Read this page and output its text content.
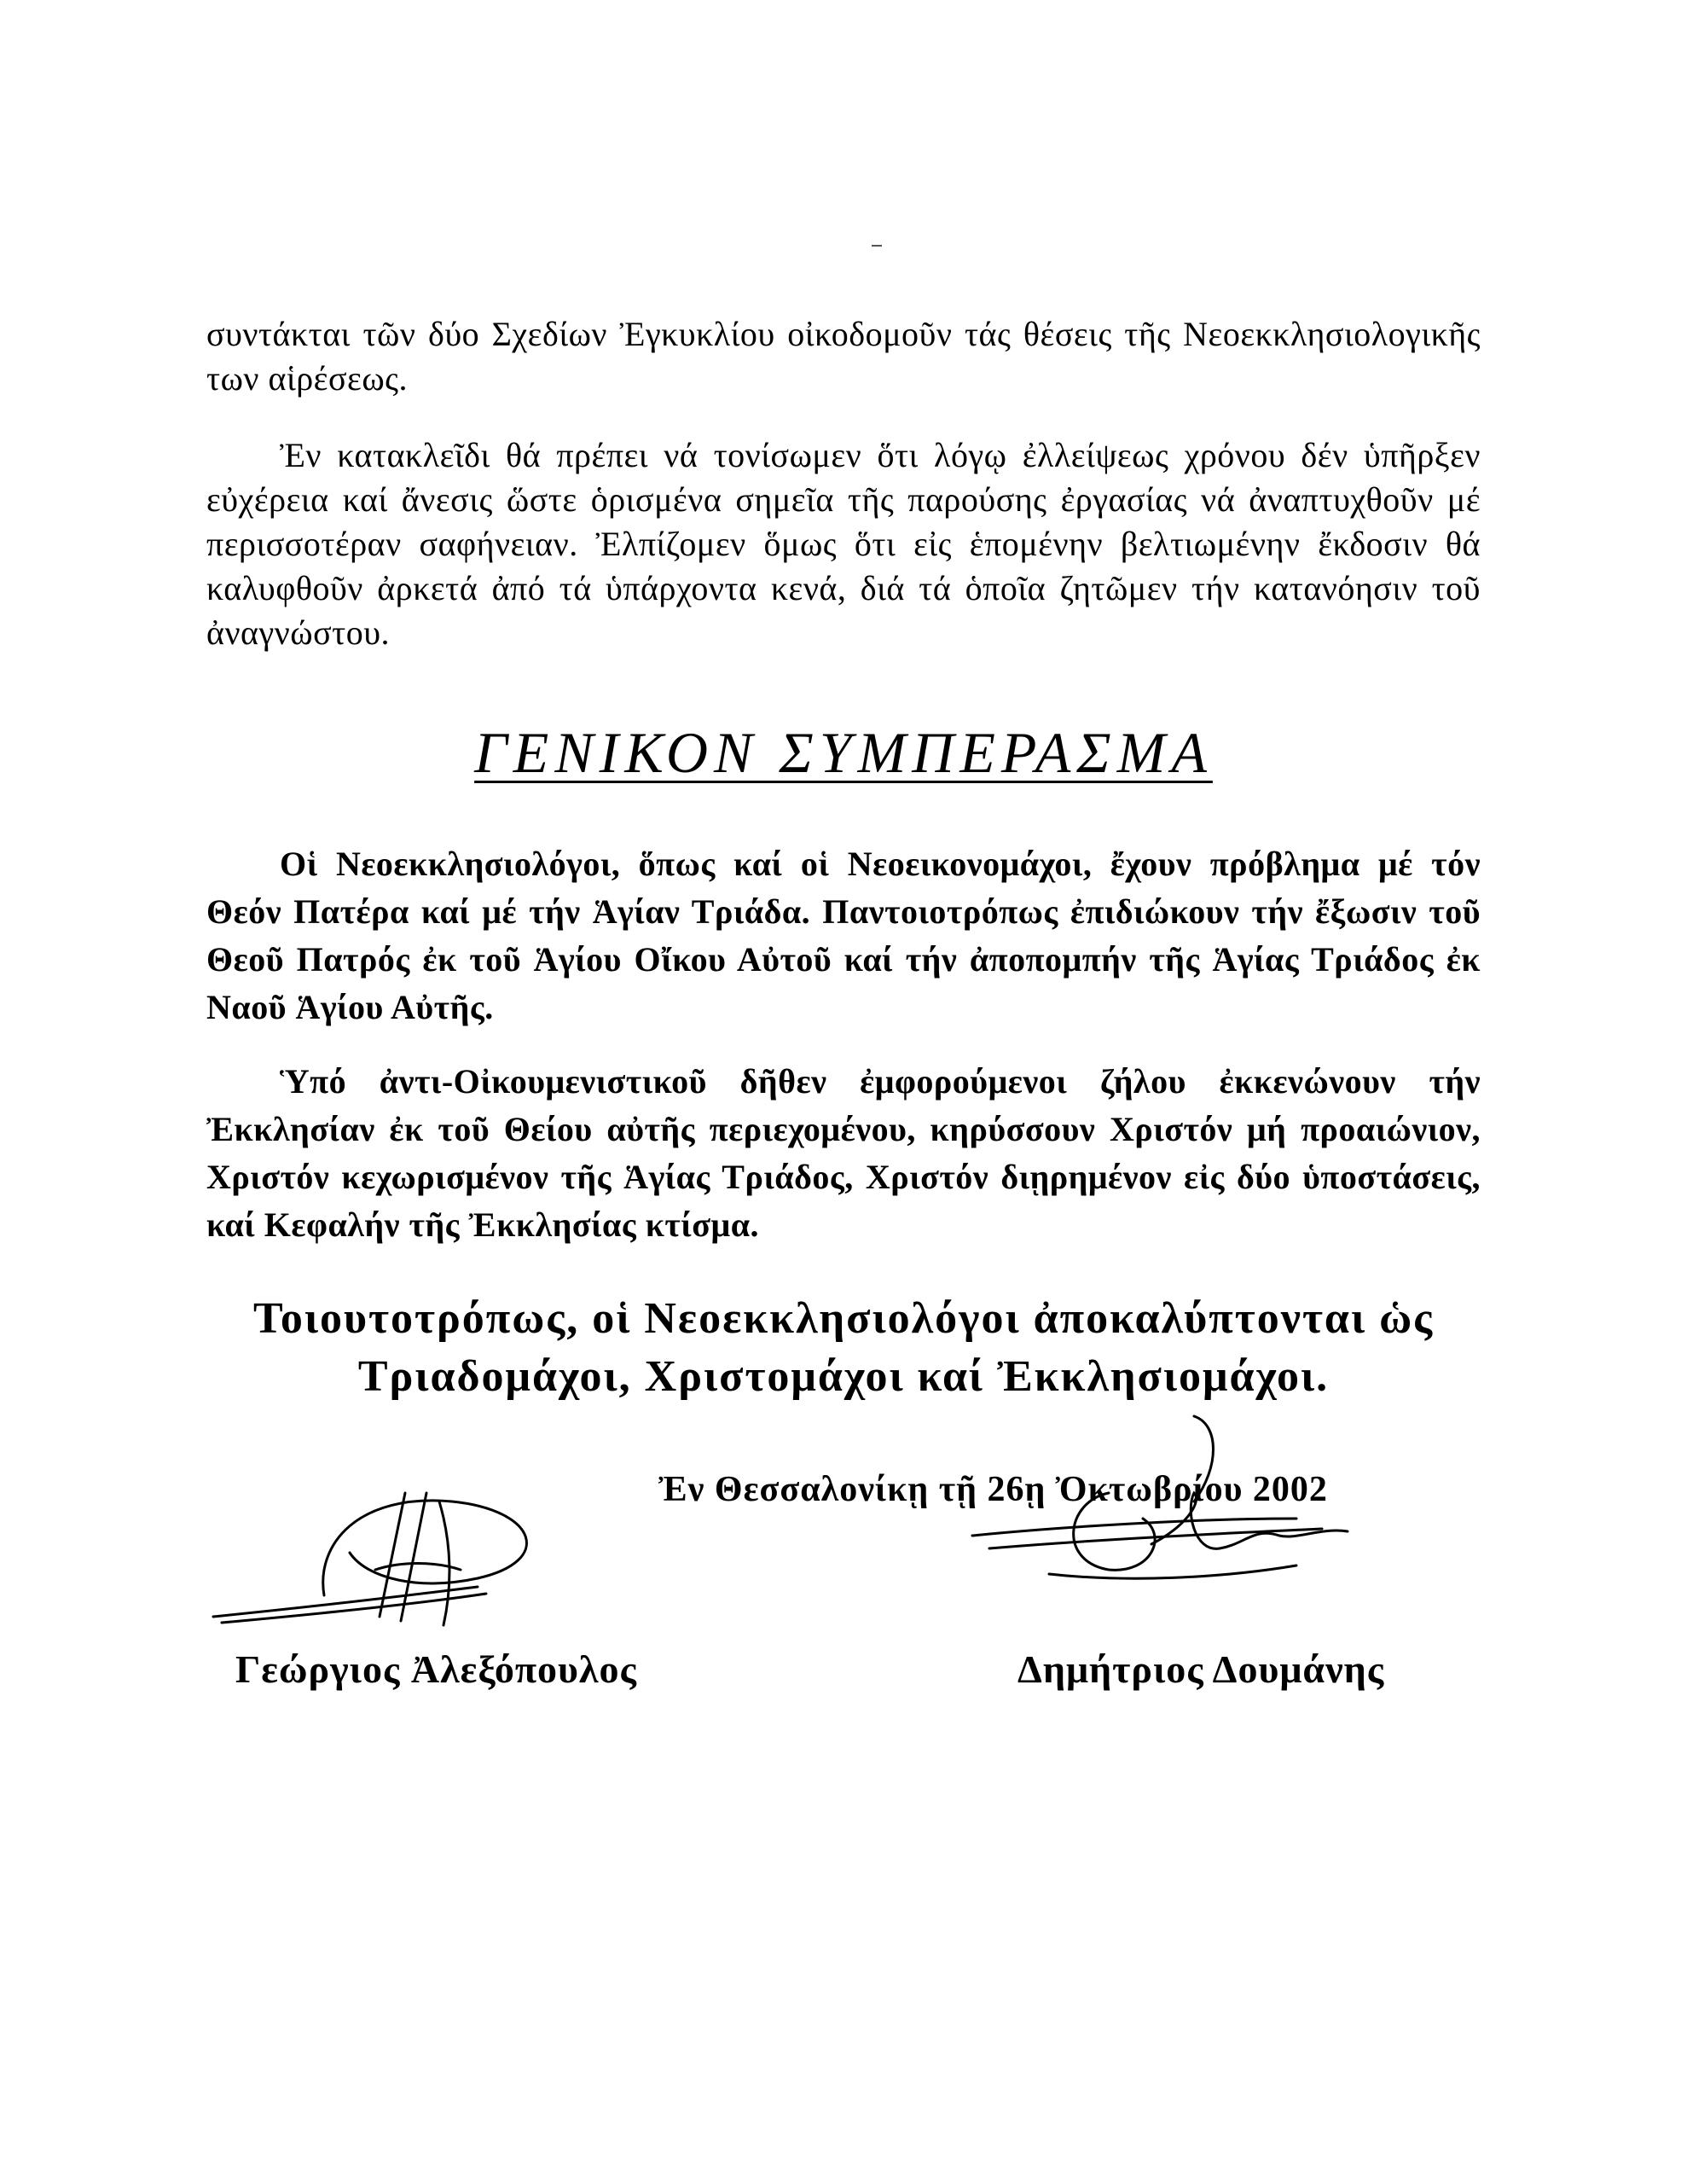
συντάκται τῶν δύο Σχεδίων Ἐγκυκλίου οἰκοδομοῦν τάς θέσεις τῆς Νεοεκκλησιολογικῆς των αἱρέσεως.
Ἐν κατακλεῖδι θά πρέπει νά τονίσωμεν ὅτι λόγῳ ἐλλείψεως χρόνου δέν ὑπῆρξεν εὐχέρεια καί ἄνεσις ὥστε ὁρισμένα σημεῖα τῆς παρούσης ἐργασίας νά ἀναπτυχθοῦν μέ περισσοτέραν σαφήνειαν. Ἐλπίζομεν ὅμως ὅτι εἰς ἑπομένην βελτιωμένην ἔκδοσιν θά καλυφθοῦν ἀρκετά ἀπό τά ὑπάρχοντα κενά, διά τά ὁποῖα ζητῶμεν τήν κατανόησιν τοῦ ἀναγνώστου.
ΓΕΝΙΚΟΝ ΣΥΜΠΕΡΑΣΜΑ
Οἱ Νεοεκκλησιολόγοι, ὅπως καί οἱ Νεοεικονομάχοι, ἔχουν πρόβλημα μέ τόν Θεόν Πατέρα καί μέ τήν Ἁγίαν Τριάδα. Παντοιοτρόπως ἐπιδιώκουν τήν ἔξωσιν τοῦ Θεοῦ Πατρός ἐκ τοῦ Ἁγίου Οἴκου Αὐτοῦ καί τήν ἀποπομπήν τῆς Ἁγίας Τριάδος ἐκ Ναοῦ Ἁγίου Αὐτῆς.
Ὑπό ἀντι-Οἰκουμενιστικοῦ δῆθεν ἐμφορούμενοι ζήλου ἐκκενώνουν τήν Ἐκκλησίαν ἐκ τοῦ Θείου αὐτῆς περιεχομένου, κηρύσσουν Χριστόν μή προαιώνιον, Χριστόν κεχωρισμένον τῆς Ἁγίας Τριάδος, Χριστόν διῃρημένον εἰς δύο ὑποστάσεις, καί Κεφαλήν τῆς Ἐκκλησίας κτίσμα.
Τοιουτοτρόπως, οἱ Νεοεκκλησιολόγοι ἀποκαλύπτονται ὡς
Τριαδομάχοι, Χριστομάχοι καί Ἐκκλησιομάχοι.
Ἐν Θεσσαλονίκῃ τῇ 26ῃ Ὀκτωβρίου 2002
Γεώργιος Ἀλεξόπουλος	Δημήτριος Δουμάνης
